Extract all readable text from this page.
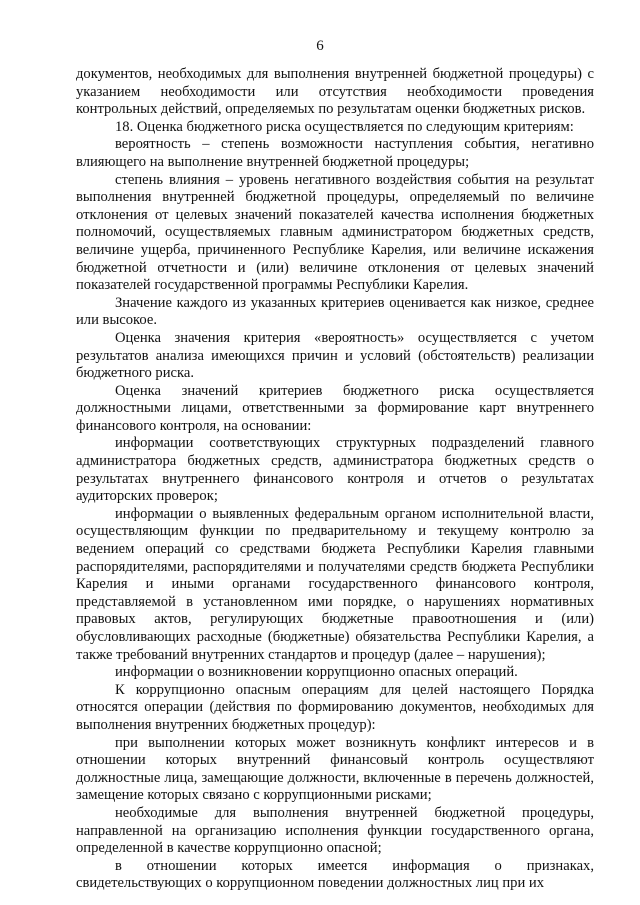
6

документов, необходимых для выполнения внутренней бюджетной процедуры) с указанием необходимости или отсутствия необходимости проведения контрольных действий, определяемых по результатам оценки бюджетных рисков.

18. Оценка бюджетного риска осуществляется по следующим критериям:

вероятность – степень возможности наступления события, негативно влияющего на выполнение внутренней бюджетной процедуры;

степень влияния – уровень негативного воздействия события на результат выполнения внутренней бюджетной процедуры, определяемый по величине отклонения от целевых значений показателей качества исполнения бюджетных полномочий, осуществляемых главным администратором бюджетных средств, величине ущерба, причиненного Республике Карелия, или величине искажения бюджетной отчетности и (или) величине отклонения от целевых значений показателей государственной программы Республики Карелия.

Значение каждого из указанных критериев оценивается как низкое, среднее или высокое.

Оценка значения критерия «вероятность» осуществляется с учетом результатов анализа имеющихся причин и условий (обстоятельств) реализации бюджетного риска.

Оценка значений критериев бюджетного риска осуществляется должностными лицами, ответственными за формирование карт внутреннего финансового контроля, на основании:

информации соответствующих структурных подразделений главного администратора бюджетных средств, администратора бюджетных средств о результатах внутреннего финансового контроля и отчетов о результатах аудиторских проверок;

информации о выявленных федеральным органом исполнительной власти, осуществляющим функции по предварительному и текущему контролю за ведением операций со средствами бюджета Республики Карелия главными распорядителями, распорядителями и получателями средств бюджета Республики Карелия и иными органами государственного финансового контроля, представляемой в установленном ими порядке, о нарушениях нормативных правовых актов, регулирующих бюджетные правоотношения и (или) обусловливающих расходные (бюджетные) обязательства Республики Карелия, а также требований внутренних стандартов и процедур (далее – нарушения);

информации о возникновении коррупционно опасных операций.

К коррупционно опасным операциям для целей настоящего Порядка относятся операции (действия по формированию документов, необходимых для выполнения внутренних бюджетных процедур):

при выполнении которых может возникнуть конфликт интересов и в отношении которых внутренний финансовый контроль осуществляют должностные лица, замещающие должности, включенные в перечень должностей, замещение которых связано с коррупционными рисками;

необходимые для выполнения внутренней бюджетной процедуры, направленной на организацию исполнения функции государственного органа, определенной в качестве коррупционно опасной;

в отношении которых имеется информация о признаках, свидетельствующих о коррупционном поведении должностных лиц при их
